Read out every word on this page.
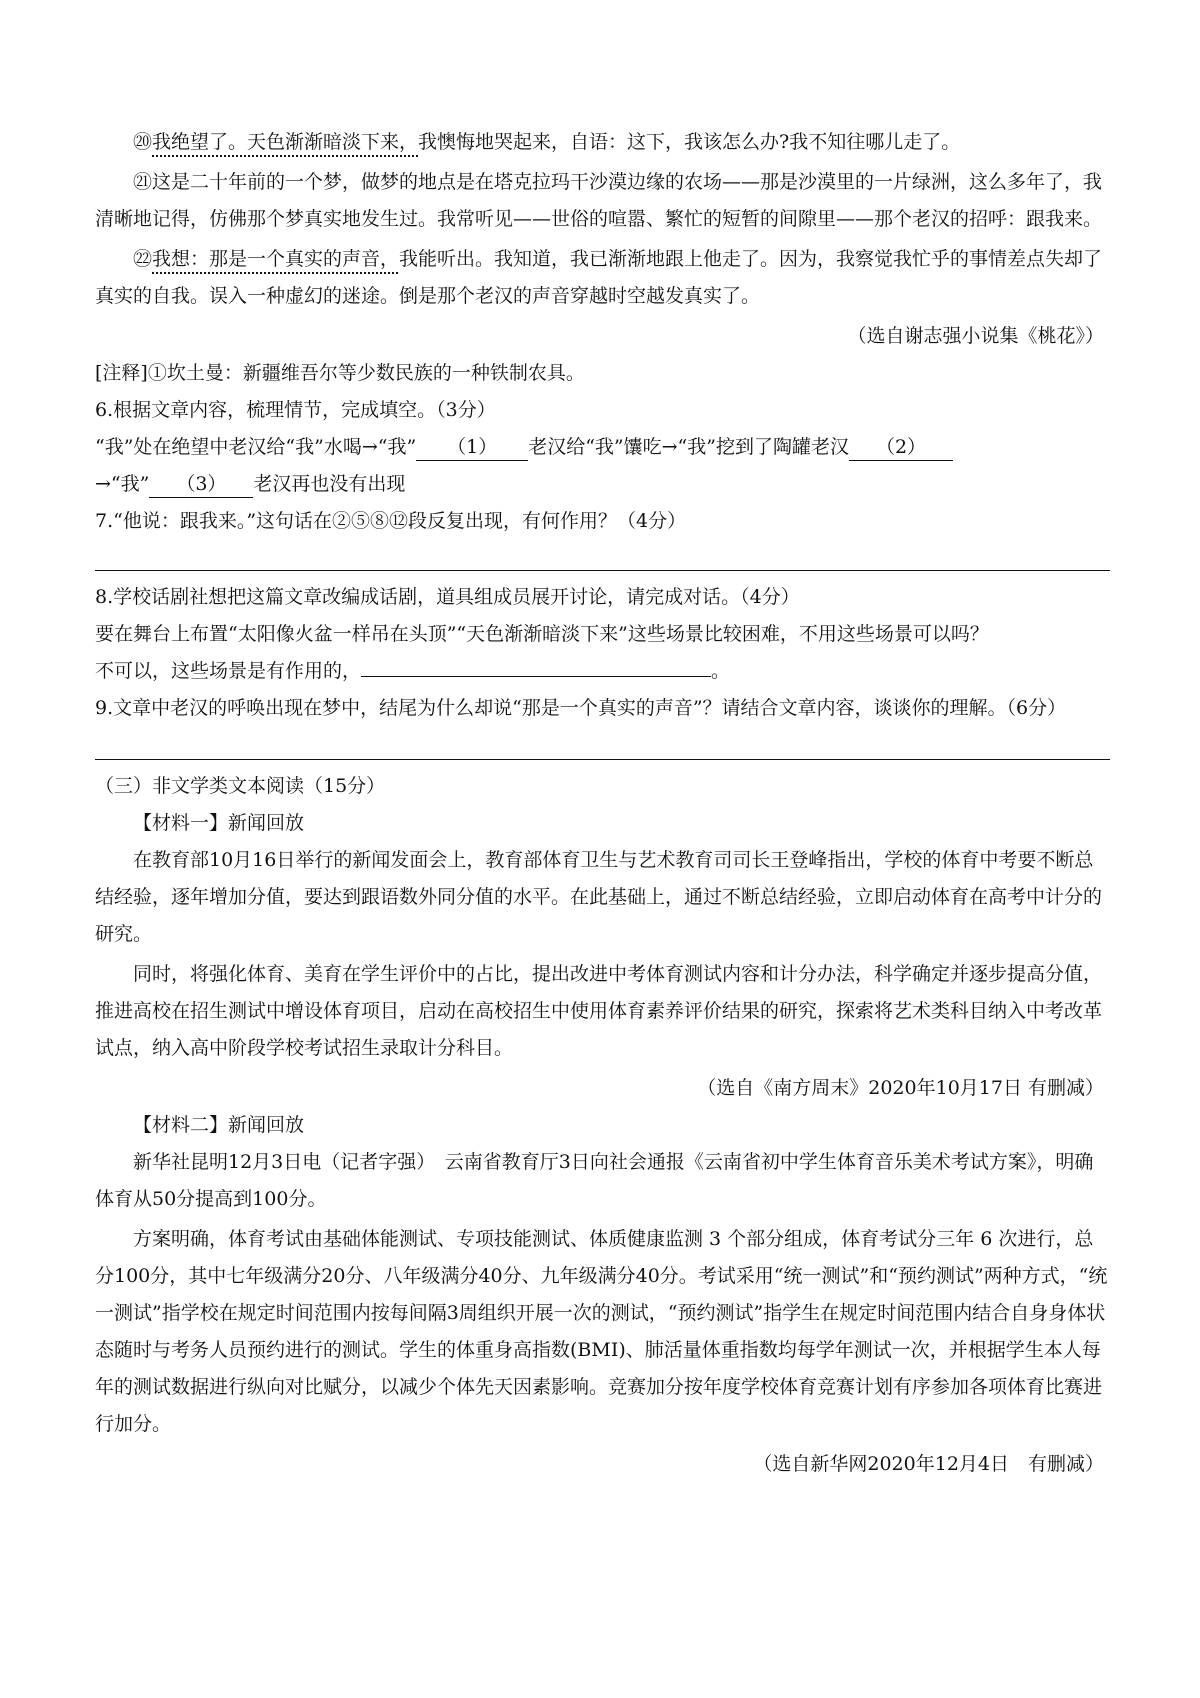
⑳我绝望了。天色渐渐暗淡下来，我懊悔地哭起来，自语：这下，我该怎么办?我不知往哪儿走了。

㉑这是二十年前的一个梦，做梦的地点是在塔克拉玛干沙漠边缘的农场——那是沙漠里的一片绿洲，这么多年了，我清晰地记得，仿佛那个梦真实地发生过。我常听见——世俗的喧嚣、繁忙的短暂的间隙里——那个老汉的招呼：跟我来。

㉒我想：那是一个真实的声音，我能听出。我知道，我已渐渐地跟上他走了。因为，我察觉我忙乎的事情差点失却了真实的自我。误入一种虚幻的迷途。倒是那个老汉的声音穿越时空越发真实了。

（选自谢志强小说集《桃花》）

[注释]①坎土曼：新疆维吾尔等少数民族的一种铁制农具。

6.根据文章内容，梳理情节，完成填空。（3分）

“我”处在绝望中老汉给“我”水喝→“我” （1） 老汉给“我”馕吃→“我”挖到了陶罐老汉 （2）
→“我” （3） 老汉再也没有出现

7.“他说：跟我来。”这句话在②⑤⑧⑫段反复出现，有何作用？（4分）

8.学校话剧社想把这篇文章改编成话剧，道具组成员展开讨论，请完成对话。（4分）

要在舞台上布置“太阳像火盆一样吊在头顶”“天色渐渐暗淡下来”这些场景比较困难，不用这些场景可以吗？

不可以，这些场景是有作用的，	。

9.文章中老汉的呼唤出现在梦中，结尾为什么却说“那是一个真实的声音”？请结合文章内容，谈谈你的理解。（6分）

（三）非文学类文本阅读（15分）

【材料一】新闻回放

在教育部10月16日举行的新闻发面会上，教育部体育卫生与艺术教育司司长王登峰指出，学校的体育中考要不断总结经验，逐年增加分值，要达到跟语数外同分值的水平。在此基础上，通过不断总结经验，立即启动体育在高考中计分的研究。

同时，将强化体育、美育在学生评价中的占比，提出改进中考体育测试内容和计分办法，科学确定并逐步提高分值，推进高校在招生测试中增设体育项目，启动在高校招生中使用体育素养评价结果的研究，探索将艺术类科目纳入中考改革试点，纳入高中阶段学校考试招生录取计分科目。

（选自《南方周末》2020年10月17日 有删减）

【材料二】新闻回放

新华社昆明12月3日电（记者字强）　云南省教育厅3日向社会通报《云南省初中学生体育音乐美术考试方案》，明确体育从50分提高到100分。

方案明确，体育考试由基础体能测试、专项技能测试、体质健康监测 3 个部分组成，体育考试分三年 6 次进行，总分100分，其中七年级满分20分、八年级满分40分、九年级满分40分。考试采用“统一测试”和“预约测试”两种方式，“统一测试”指学校在规定时间范围内按每间隔3周组织开展一次的测试，“预约测试”指学生在规定时间范围内结合自身身体状态随时与考务人员预约进行的测试。学生的体重身高指数(BMI)、肺活量体重指数均每学年测试一次，并根据学生本人每年的测试数据进行纵向对比赋分，以减少个体先天因素影响。竞赛加分按年度学校体育竞赛计划有序参加各项体育比赛进行加分。

（选自新华网2020年12月4日　有删减）
